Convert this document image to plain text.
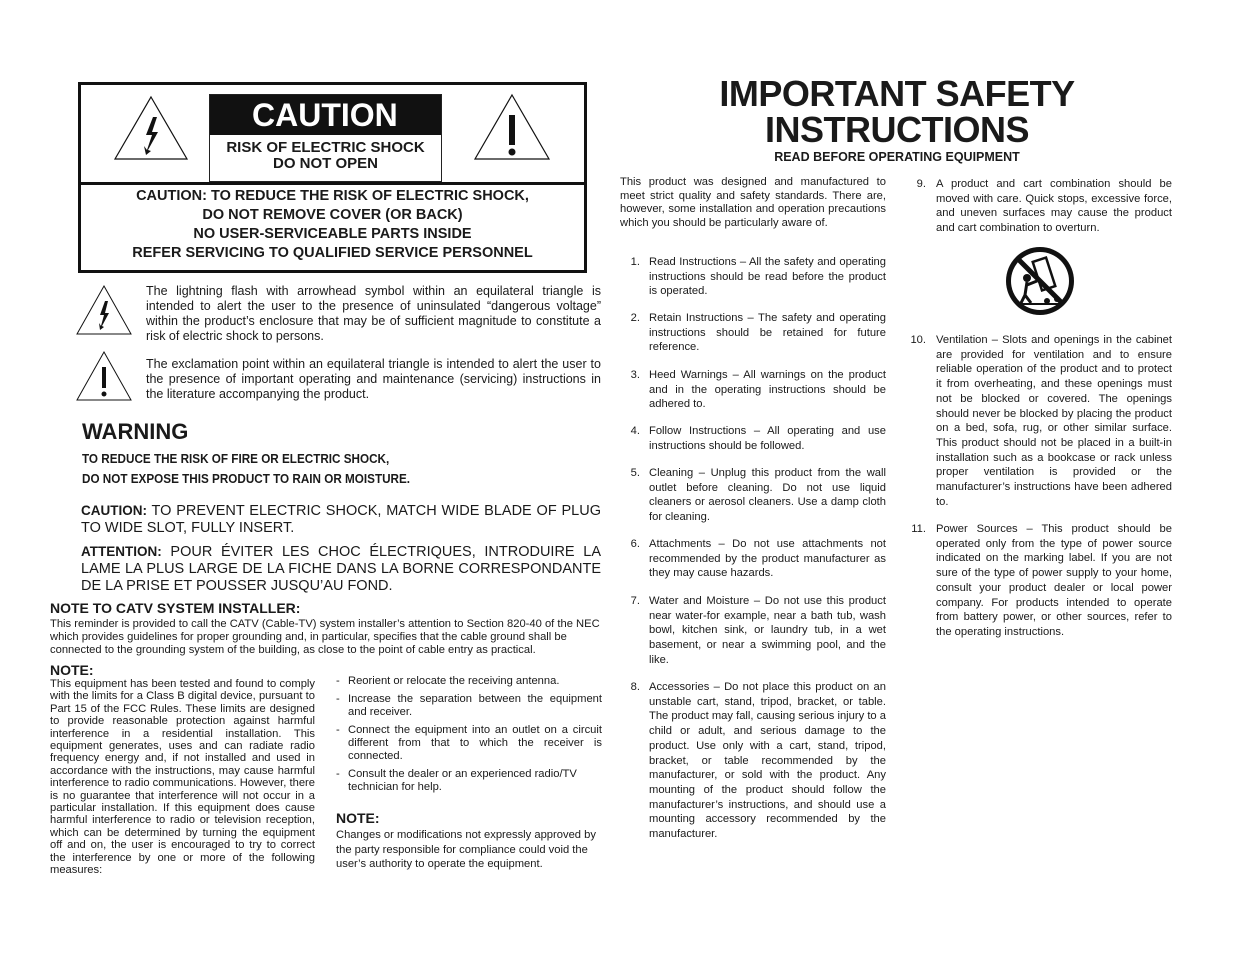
CAUTION
RISK OF ELECTRIC SHOCK
DO NOT OPEN
CAUTION: TO REDUCE THE RISK OF ELECTRIC SHOCK,
DO NOT REMOVE COVER (OR BACK)
NO USER-SERVICEABLE PARTS INSIDE
REFER SERVICING TO QUALIFIED SERVICE PERSONNEL
The lightning flash with arrowhead symbol within an equilateral triangle is intended to alert the user to the presence of uninsulated “dangerous voltage” within the product’s enclosure that may be of sufficient magnitude to constitute a risk of electric shock to persons.
The exclamation point within an equilateral triangle is intended to alert the user to the presence of important operating and maintenance (servicing) instructions in the literature accompanying the product.
WARNING
TO REDUCE THE RISK OF FIRE OR ELECTRIC SHOCK,
DO NOT EXPOSE THIS PRODUCT TO RAIN OR MOISTURE.
CAUTION: TO PREVENT ELECTRIC SHOCK, MATCH WIDE BLADE OF PLUG TO WIDE SLOT, FULLY INSERT.
ATTENTION: POUR ÉVITER LES CHOC ÉLECTRIQUES, INTRODUIRE LA LAME LA PLUS LARGE DE LA FICHE DANS LA BORNE CORRESPONDANTE DE LA PRISE ET POUSSER JUSQU’AU FOND.
NOTE TO CATV SYSTEM INSTALLER:
This reminder is provided to call the CATV (Cable-TV) system installer’s attention to Section 820-40 of the NEC which provides guidelines for proper grounding and, in particular, specifies that the cable ground shall be connected to the grounding system of the building, as close to the point of cable entry as practical.
NOTE:
This equipment has been tested and found to comply with the limits for a Class B digital device, pursuant to Part 15 of the FCC Rules. These limits are designed to provide reasonable protection against harmful interference in a residential installation. This equipment generates, uses and can radiate radio frequency energy and, if not installed and used in accordance with the instructions, may cause harmful interference to radio communications. However, there is no guarantee that interference will not occur in a particular installation. If this equipment does cause harmful interference to radio or television reception, which can be determined by turning the equipment off and on, the user is encouraged to try to correct the interference by one or more of the following measures:
- Reorient or relocate the receiving antenna.
- Increase the separation between the equipment and receiver.
- Connect the equipment into an outlet on a circuit different from that to which the receiver is connected.
- Consult the dealer or an experienced radio/TV technician for help.
NOTE:
Changes or modifications not expressly approved by the party responsible for compliance could void the user’s authority to operate the equipment.
IMPORTANT SAFETY
INSTRUCTIONS
READ BEFORE OPERATING EQUIPMENT
This product was designed and manufactured to meet strict quality and safety standards. There are, however, some installation and operation precautions which you should be particularly aware of.
1. Read Instructions – All the safety and operating instructions should be read before the product is operated.
2. Retain Instructions – The safety and operating instructions should be retained for future reference.
3. Heed Warnings – All warnings on the product and in the operating instructions should be adhered to.
4. Follow Instructions – All operating and use instructions should be followed.
5. Cleaning – Unplug this product from the wall outlet before cleaning. Do not use liquid cleaners or aerosol cleaners. Use a damp cloth for cleaning.
6. Attachments – Do not use attachments not recommended by the product manufacturer as they may cause hazards.
7. Water and Moisture – Do not use this product near water-for example, near a bath tub, wash bowl, kitchen sink, or laundry tub, in a wet basement, or near a swimming pool, and the like.
8. Accessories – Do not place this product on an unstable cart, stand, tripod, bracket, or table. The product may fall, causing serious injury to a child or adult, and serious damage to the product. Use only with a cart, stand, tripod, bracket, or table recommended by the manufacturer, or sold with the product. Any mounting of the product should follow the manufacturer’s instructions, and should use a mounting accessory recommended by the manufacturer.
9. A product and cart combination should be moved with care. Quick stops, excessive force, and uneven surfaces may cause the product and cart combination to overturn.
10. Ventilation – Slots and openings in the cabinet are provided for ventilation and to ensure reliable operation of the product and to protect it from overheating, and these openings must not be blocked or covered. The openings should never be blocked by placing the product on a bed, sofa, rug, or other similar surface. This product should not be placed in a built-in installation such as a bookcase or rack unless proper ventilation is provided or the manufacturer’s instructions have been adhered to.
11. Power Sources – This product should be operated only from the type of power source indicated on the marking label. If you are not sure of the type of power supply to your home, consult your product dealer or local power company. For products intended to operate from battery power, or other sources, refer to the operating instructions.
